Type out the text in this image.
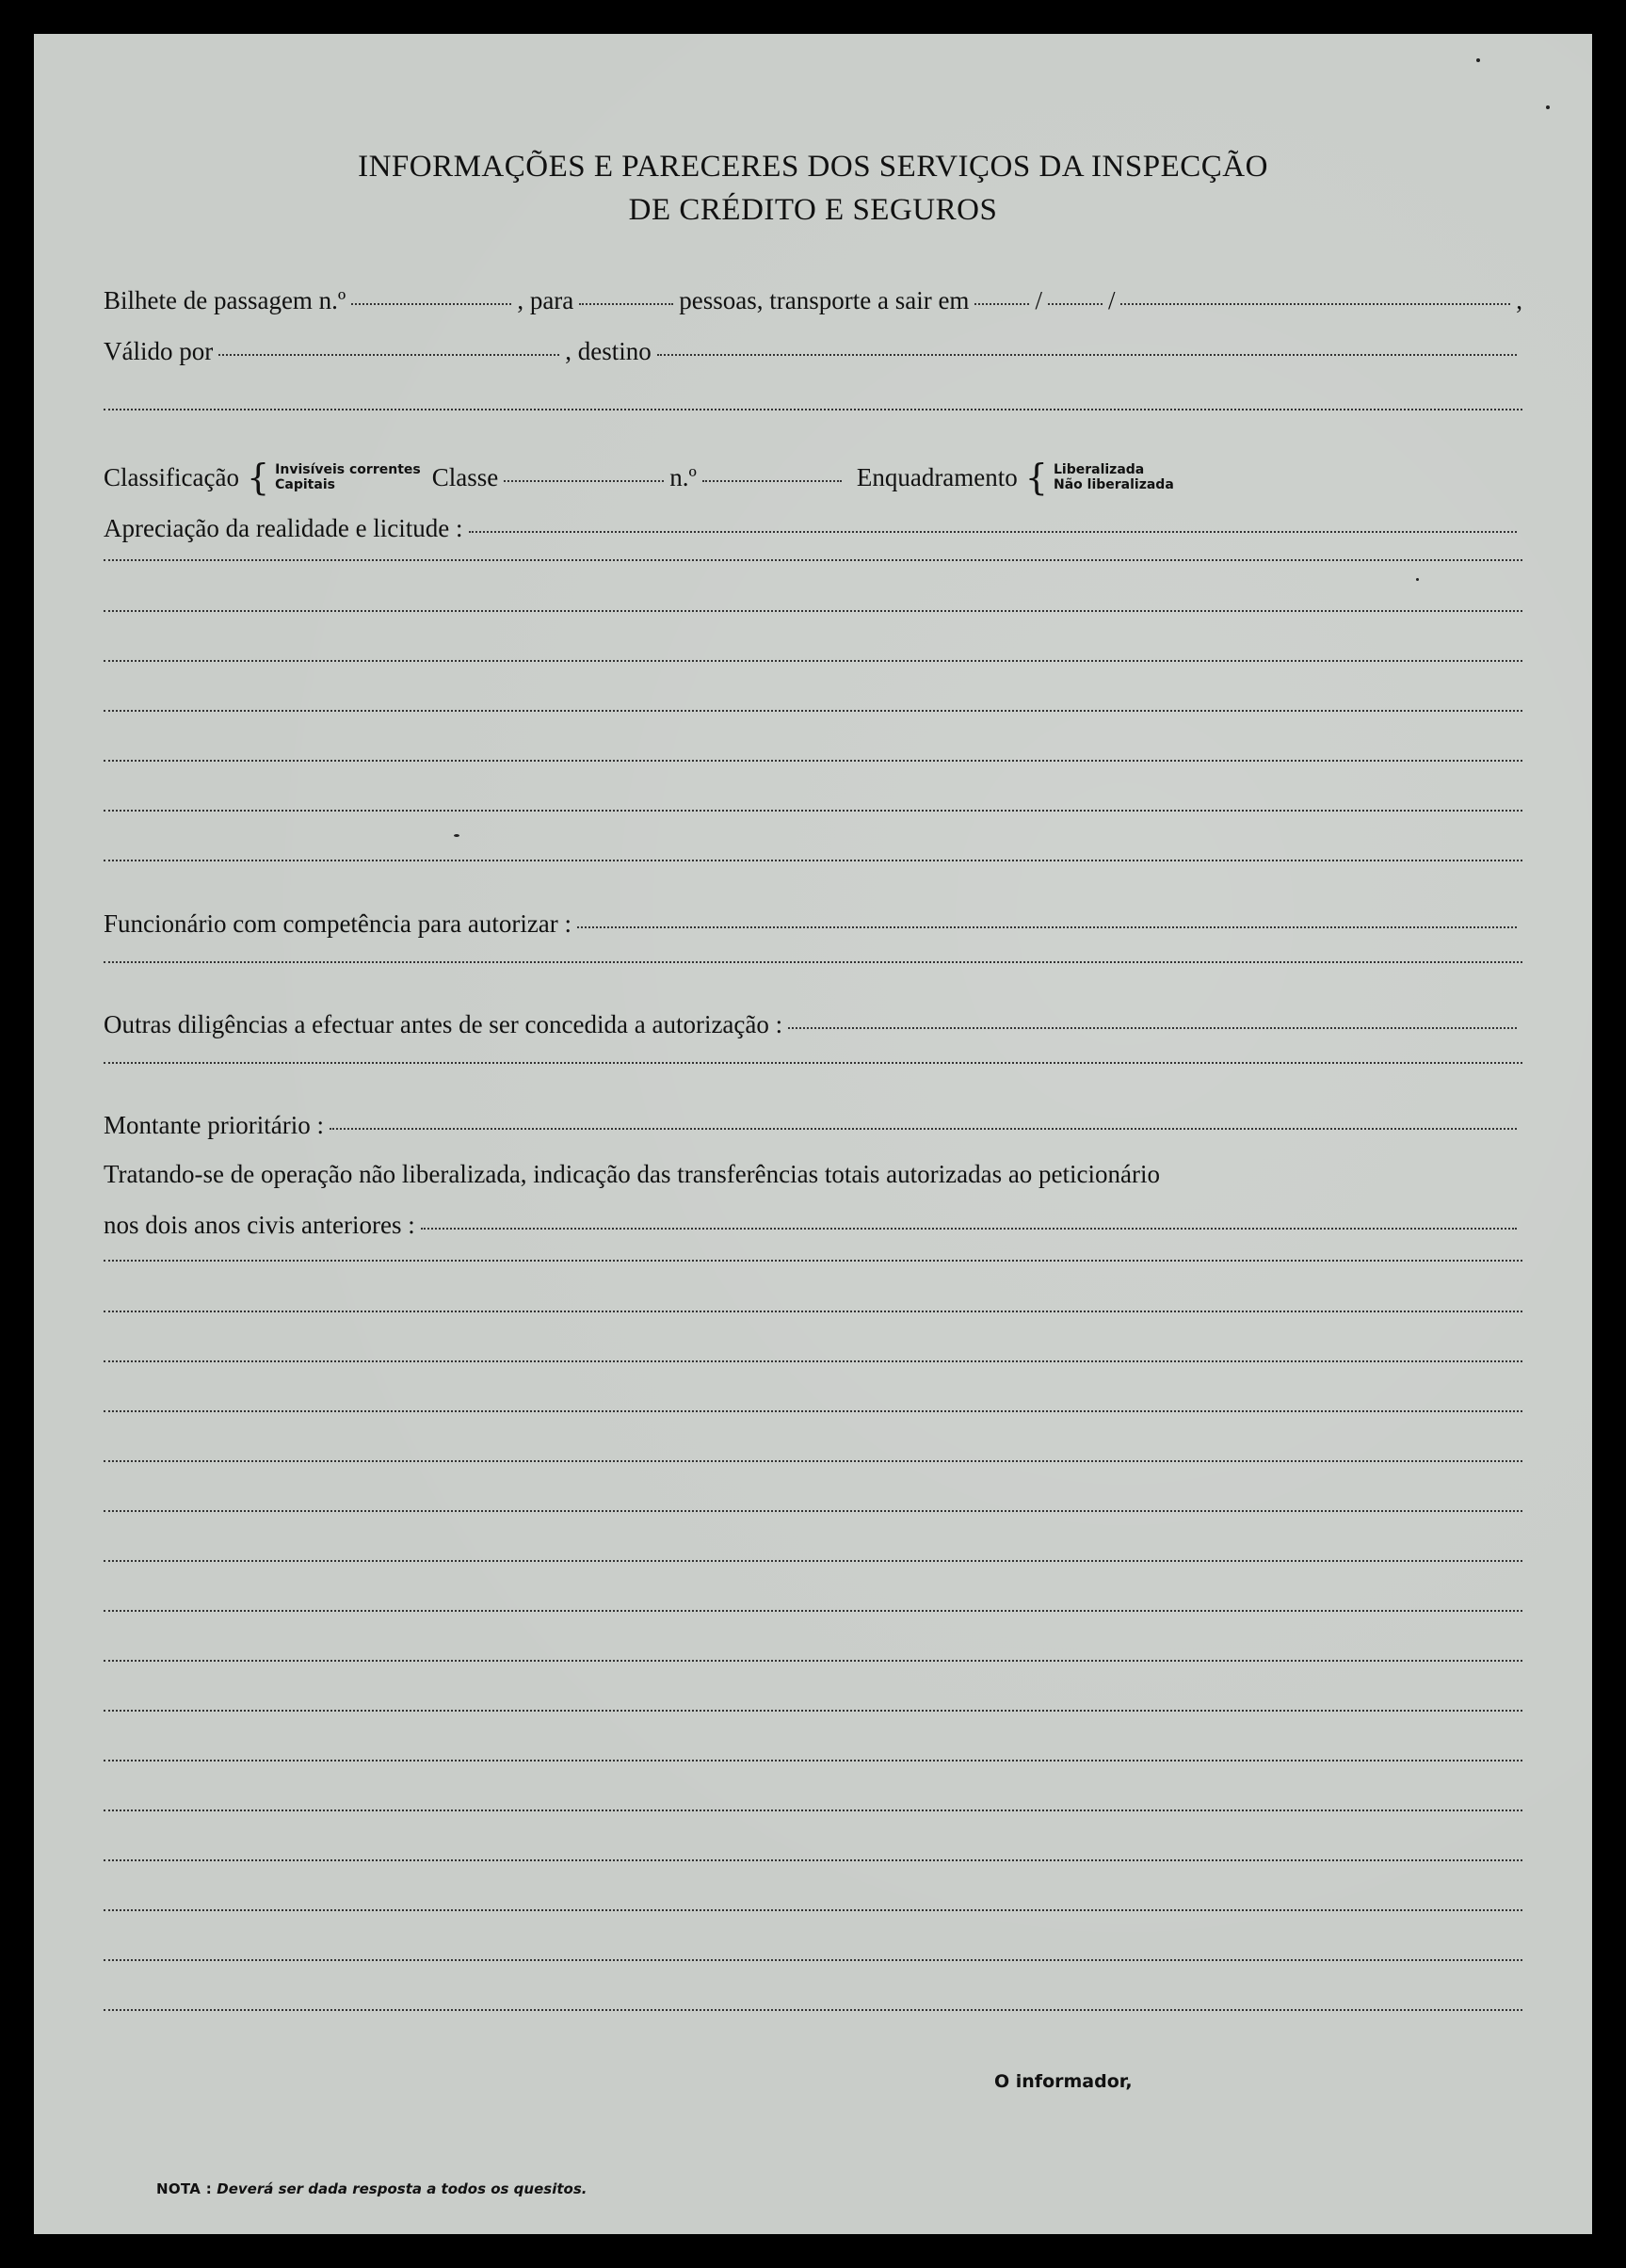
INFORMAÇÕES E PARECERES DOS SERVIÇOS DA INSPECÇÃO
DE CRÉDITO E SEGUROS
Bilhete de passagem n.º	, para	pessoas, transporte a sair em	/	/	,
Válido por	, destino
Classificação { Invisíveis correntes
Capitais	Classe	n.º	Enquadramento { Liberalizada
Não liberalizada
Apreciação da realidade e licitude :
Funcionário com competência para autorizar :
Outras diligências a efectuar antes de ser concedida a autorização :
Montante prioritário :
Tratando-se de operação não liberalizada, indicação das transferências totais autorizadas ao peticionário
nos dois anos civis anteriores :
O informador,
NOTA : Deverá ser dada resposta a todos os quesitos.
